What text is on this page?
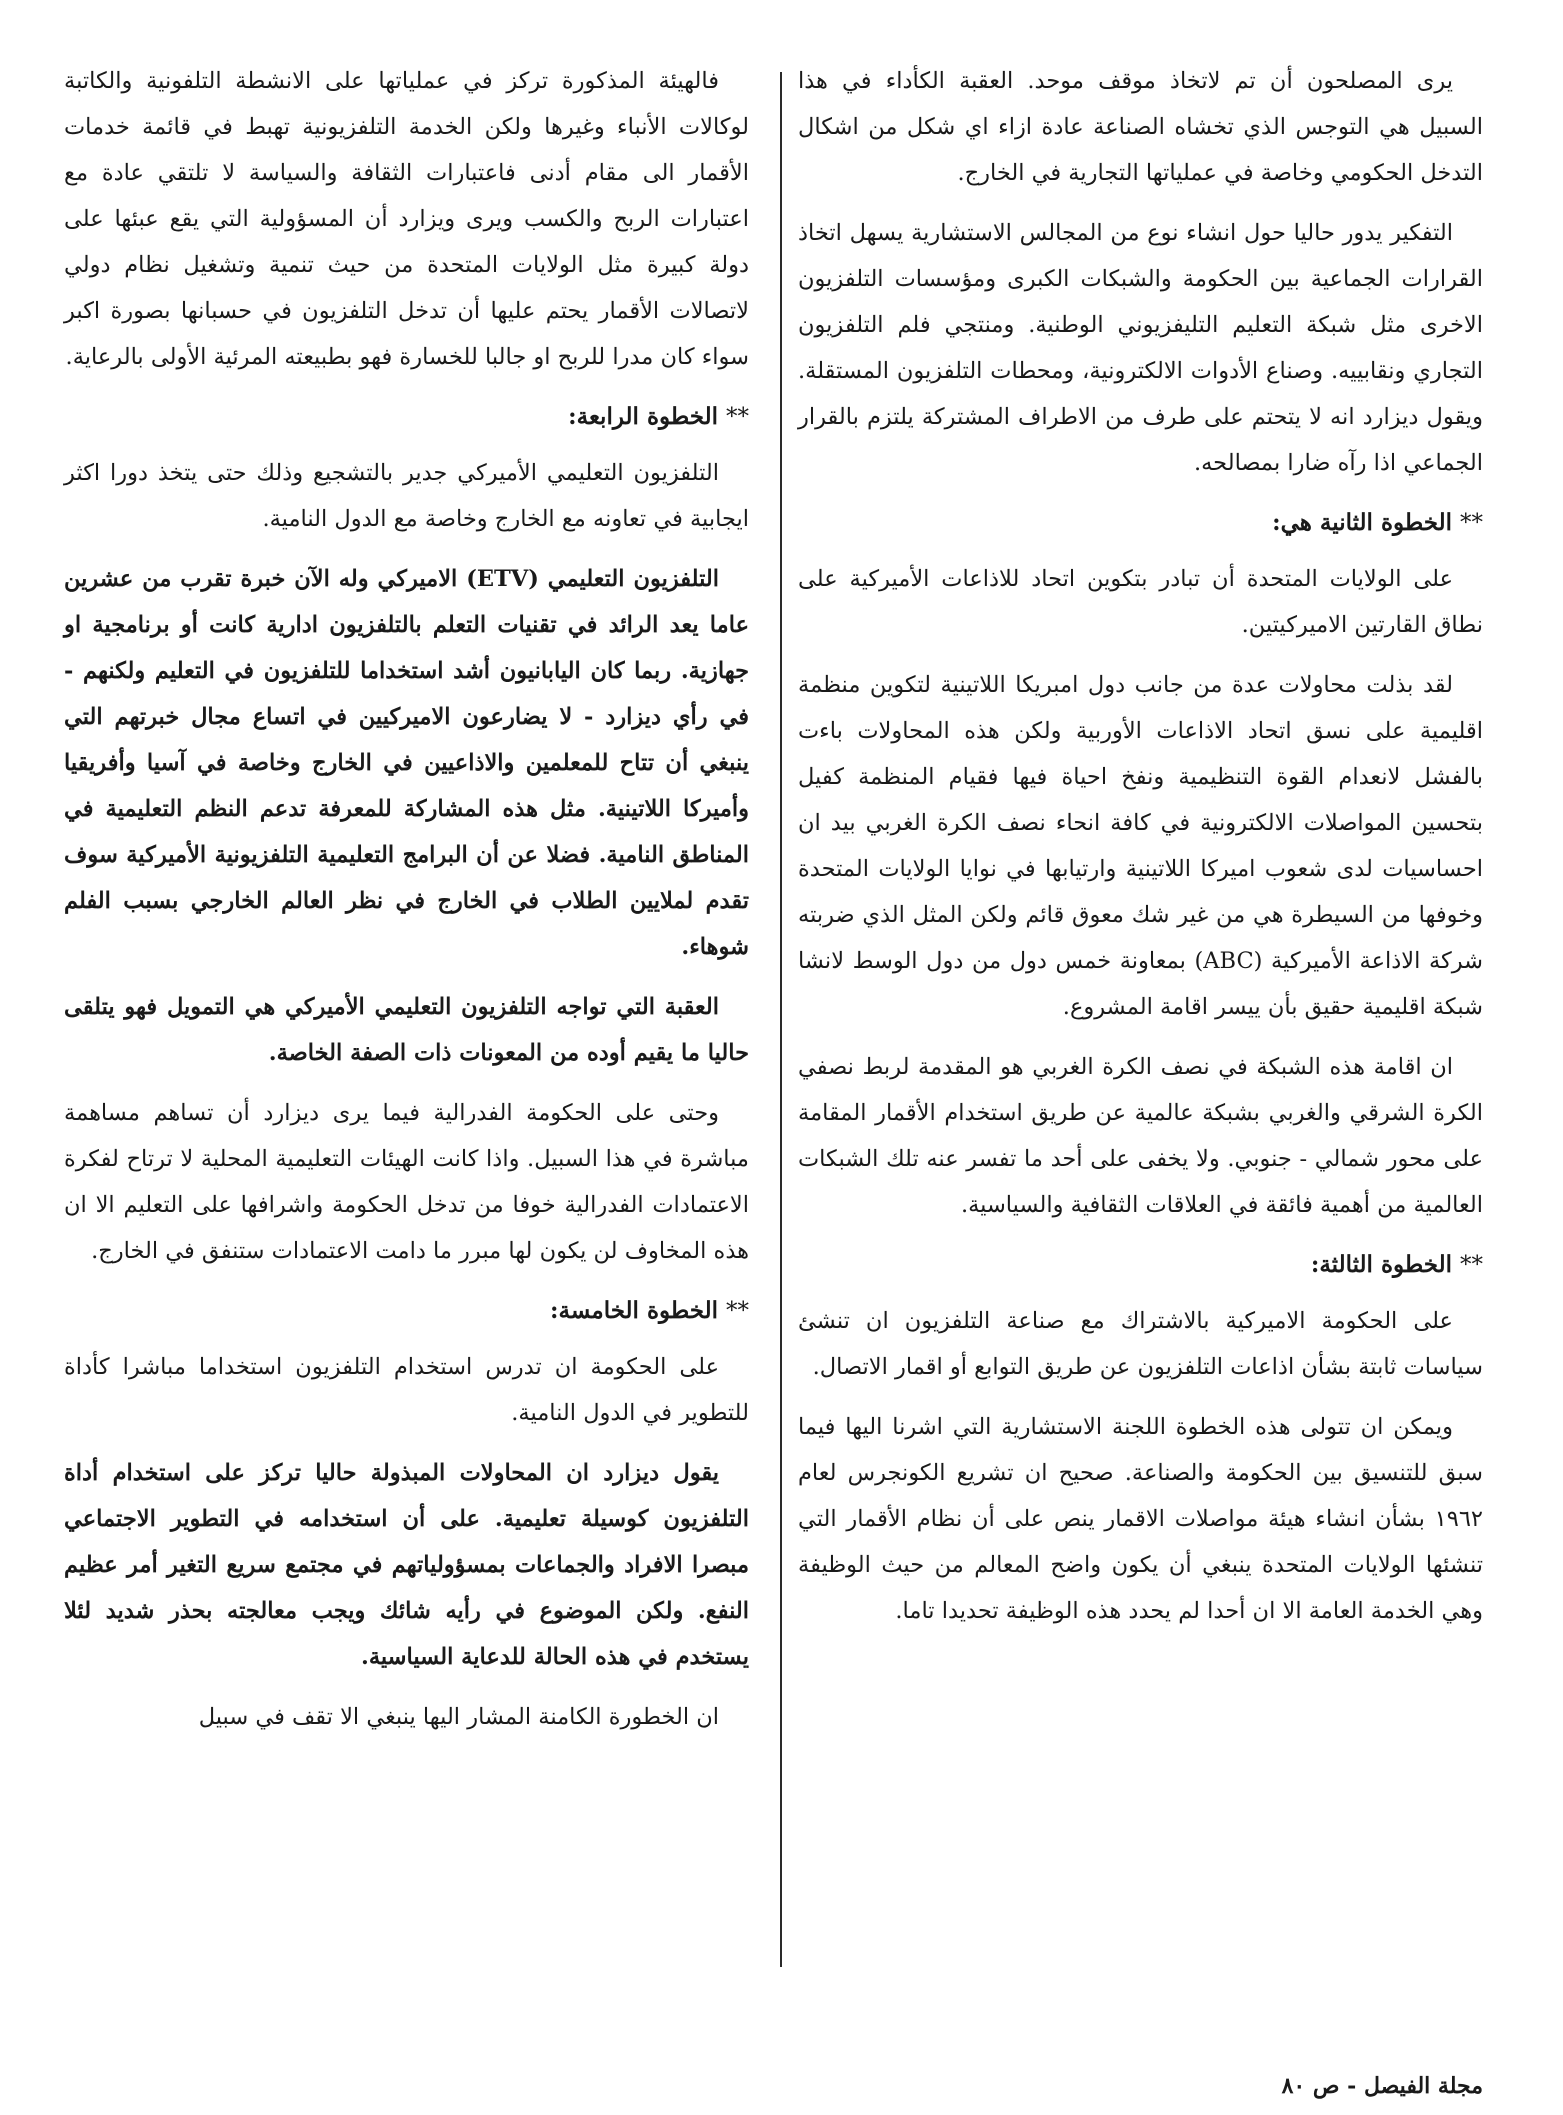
يرى المصلحون أن تم لاتخاذ موقف موحد. العقبة الكأداء في هذا السبيل هي التوجس الذي تخشاه الصناعة عادة ازاء اي شكل من اشكال التدخل الحكومي وخاصة في عملياتها التجارية في الخارج.

التفكير يدور حاليا حول انشاء نوع من المجالس الاستشارية يسهل اتخاذ القرارات الجماعية بين الحكومة والشبكات الكبرى ومؤسسات التلفزيون الاخرى مثل شبكة التعليم التليفزيوني الوطنية. ومنتجي فلم التلفزيون التجاري ونقابييه. وصناع الأدوات الالكترونية، ومحطات التلفزيون المستقلة. ويقول ديزارد انه لا يتحتم على طرف من الاطراف المشتركة يلتزم بالقرار الجماعي اذا رآه ضارا بمصالحه.

**الخطوة الثانية هي:

على الولايات المتحدة أن تبادر بتكوين اتحاد للاذاعات الأميركية على نطاق القارتين الاميركيتين.

لقد بذلت محاولات عدة من جانب دول امبريكا اللاتينية لتكوين منظمة اقليمية على نسق اتحاد الاذاعات الأوربية ولكن هذه المحاولات باءت بالفشل لانعدام القوة التنظيمية ونفخ احياة فيها فقيام المنظمة كفيل بتحسين المواصلات الالكترونية في كافة انحاء نصف الكرة الغربي بيد ان احساسيات لدى شعوب اميركا اللاتينية وارتيابها في نوايا الولايات المتحدة وخوفها من السيطرة هي من غير شك معوق قائم ولكن المثل الذي ضربته شركة الاذاعة الأميركية (ABC) بمعاونة خمس دول من دول الوسط لانشا شبكة اقليمية حقيق بأن ييسر اقامة المشروع.

ان اقامة هذه الشبكة في نصف الكرة الغربي هو المقدمة لربط نصفي الكرة الشرقي والغربي بشبكة عالمية عن طريق استخدام الأقمار المقامة على محور شمالي - جنوبي. ولا يخفى على أحد ما تفسر عنه تلك الشبكات العالمية من أهمية فائقة في العلاقات الثقافية والسياسية.

**الخطوة الثالثة:

على الحكومة الاميركية بالاشتراك مع صناعة التلفزيون ان تنشئ سياسات ثابتة بشأن اذاعات التلفزيون عن طريق التوابع أو اقمار الاتصال.

ويمكن ان تتولى هذه الخطوة اللجنة الاستشارية التي اشرنا اليها فيما سبق للتنسيق بين الحكومة والصناعة. صحيح ان تشريع الكونجرس لعام ١٩٦٢ بشأن انشاء هيئة مواصلات الاقمار ينص على أن نظام الأقمار التي تنشئها الولايات المتحدة ينبغي أن يكون واضح المعالم من حيث الوظيفة وهي الخدمة العامة الا ان أحدا لم يحدد هذه الوظيفة تحديدا تاما.

فالهيئة المذكورة تركز في عملياتها على الانشطة التلفونية والكاتبة لوكالات الأنباء وغيرها ولكن الخدمة التلفزيونية تهبط في قائمة خدمات الأقمار الى مقام أدنى فاعتبارات الثقافة والسياسة لا تلتقي عادة مع اعتبارات الربح والكسب ويرى ويزارد أن المسؤولية التي يقع عبئها على دولة كبيرة مثل الولايات المتحدة من حيث تنمية وتشغيل نظام دولي لاتصالات الأقمار يحتم عليها أن تدخل التلفزيون في حسبانها بصورة اكبر سواء كان مدرا للربح او جالبا للخسارة فهو بطبيعته المرئية الأولى بالرعاية.

**الخطوة الرابعة:

التلفزيون التعليمي الأميركي جدير بالتشجيع وذلك حتى يتخذ دورا اكثر ايجابية في تعاونه مع الخارج وخاصة مع الدول النامية.

التلفزيون التعليمي (ETV) الاميركي وله الآن خبرة تقرب من عشرين عاما يعد الرائد في تقنيات التعلم بالتلفزيون ادارية كانت أو برنامجية او جهازية. ربما كان اليابانيون أشد استخداما للتلفزيون في التعليم ولكنهم - في رأي ديزارد - لا يضارعون الاميركيين في اتساع مجال خبرتهم التي ينبغي أن تتاح للمعلمين والاذاعيين في الخارج وخاصة في آسيا وأفريقيا وأميركا اللاتينية. مثل هذه المشاركة للمعرفة تدعم النظم التعليمية في المناطق النامية. فضلا عن أن البرامج التعليمية التلفزيونية الأميركية سوف تقدم لملايين الطلاب في الخارج في نظر العالم الخارجي بسبب الفلم شوهاء.

العقبة التي تواجه التلفزيون التعليمي الأميركي هي التمويل فهو يتلقى حاليا ما يقيم أوده من المعونات ذات الصفة الخاصة.

وحتى على الحكومة الفدرالية فيما يرى ديزارد أن تساهم مساهمة مباشرة في هذا السبيل. واذا كانت الهيئات التعليمية المحلية لا ترتاح لفكرة الاعتمادات الفدرالية خوفا من تدخل الحكومة واشرافها على التعليم الا ان هذه المخاوف لن يكون لها مبرر ما دامت الاعتمادات ستنفق في الخارج.

**الخطوة الخامسة:

على الحكومة ان تدرس استخدام التلفزيون استخداما مباشرا كأداة للتطوير في الدول النامية.

يقول ديزارد ان المحاولات المبذولة حاليا تركز على استخدام أداة التلفزيون كوسيلة تعليمية. على أن استخدامه في التطوير الاجتماعي مبصرا الافراد والجماعات بمسؤولياتهم في مجتمع سريع التغير أمر عظيم النفع. ولكن الموضوع في رأيه شائك ويجب معالجته بحذر شديد لئلا يستخدم في هذه الحالة للدعاية السياسية.

ان الخطورة الكامنة المشار اليها ينبغي الا تقف في سبيل

مجلة الفيصل - ص ٨٠
